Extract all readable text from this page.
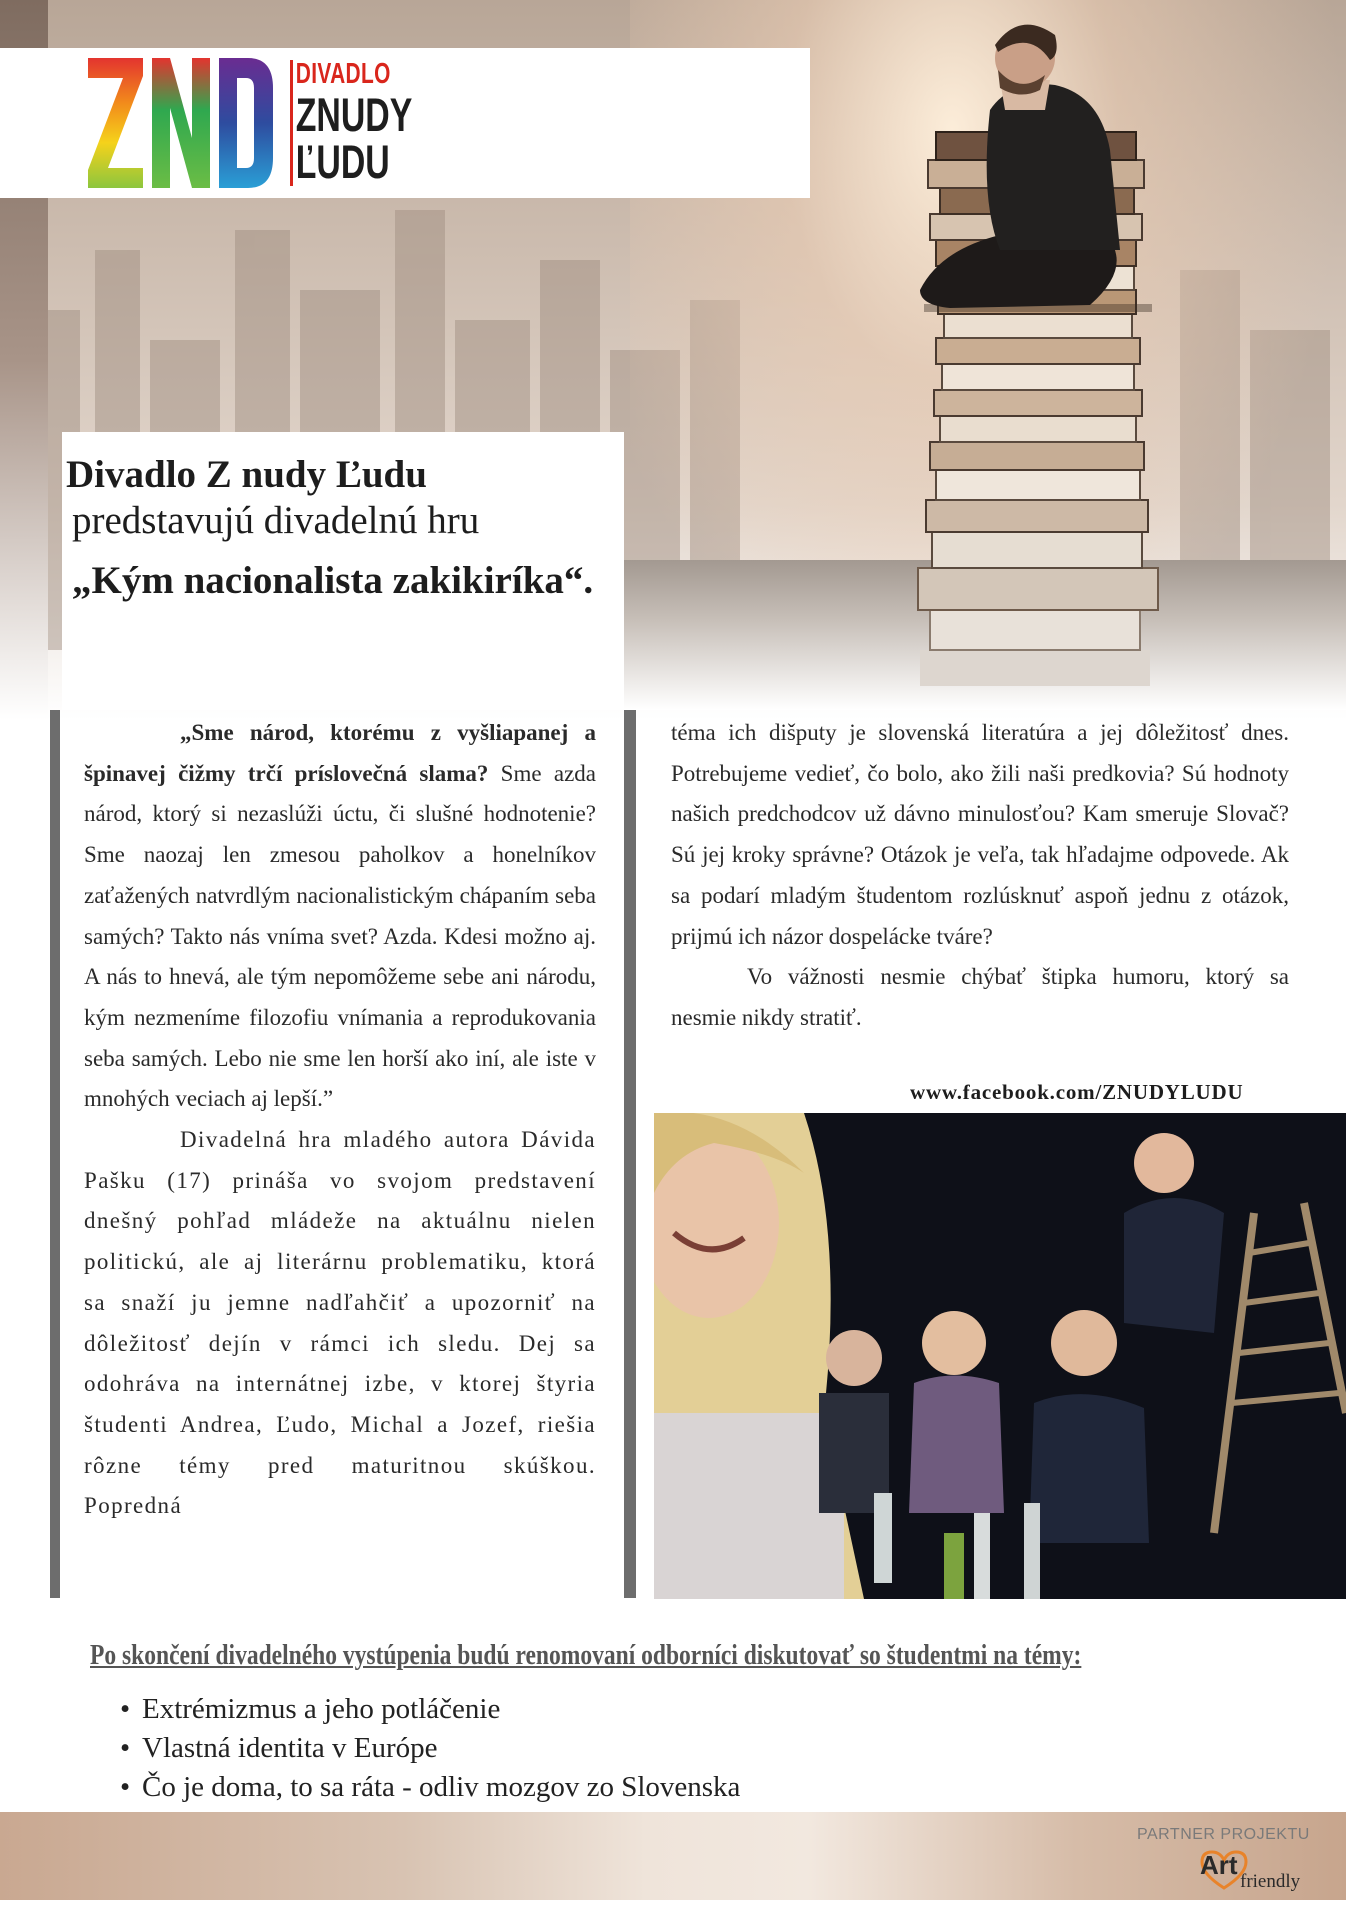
DIVADLO
ZNUDY
ĽUDU
Divadlo Z nudy Ľudu
predstavujú divadelnú hru
„Kým nacionalista zakikiríka“.

„Sme národ, ktorému z vyšliapanej a špinavej čižmy trčí príslovečná slama? Sme azda národ, ktorý si nezaslúži úctu, či slušné hodnotenie? Sme naozaj len zmesou paholkov a honelníkov zaťažených natvrdlým nacionalistickým chápaním seba samých? Takto nás vníma svet? Azda. Kdesi možno aj. A nás to hnevá, ale tým nepomôžeme sebe ani národu, kým nezmeníme filozofiu vnímania a reprodukovania seba samých. Lebo nie sme len horší ako iní, ale iste v mnohých veciach aj lepší.”

Divadelná hra mladého autora Dávida Pašku (17) prináša vo svojom predstavení dnešný pohľad mládeže na aktuálnu nielen politickú, ale aj literárnu problematiku, ktorá sa snaží ju jemne nadľahčiť a upozorniť na dôležitosť dejín v rámci ich sledu. Dej sa odohráva na internátnej izbe, v ktorej štyria študenti Andrea, Ľudo, Michal a Jozef, riešia rôzne témy pred maturitnou skúškou. Popredná

téma ich dišputy je slovenská literatúra a jej dôležitosť dnes. Potrebujeme vedieť, čo bolo, ako žili naši predkovia? Sú hodnoty našich predchodcov už dávno minulosťou? Kam smeruje Slovač? Sú jej kroky správne? Otázok je veľa, tak hľadajme odpovede. Ak sa podarí mladým študentom rozlúsknuť aspoň jednu z otázok, prijmú ich názor dospelácke tváre?

Vo vážnosti nesmie chýbať štipka humoru, ktorý sa nesmie nikdy stratiť.

www.facebook.com/ZNUDYLUDU
Po skončení divadelného vystúpenia budú renomovaní odborníci diskutovať so študentmi na témy:
• Extrémizmus a jeho potláčenie
• Vlastná identita v Európe
• Čo je doma, to sa ráta - odliv mozgov zo Slovenska
PARTNER PROJEKTU
Art
friendly
